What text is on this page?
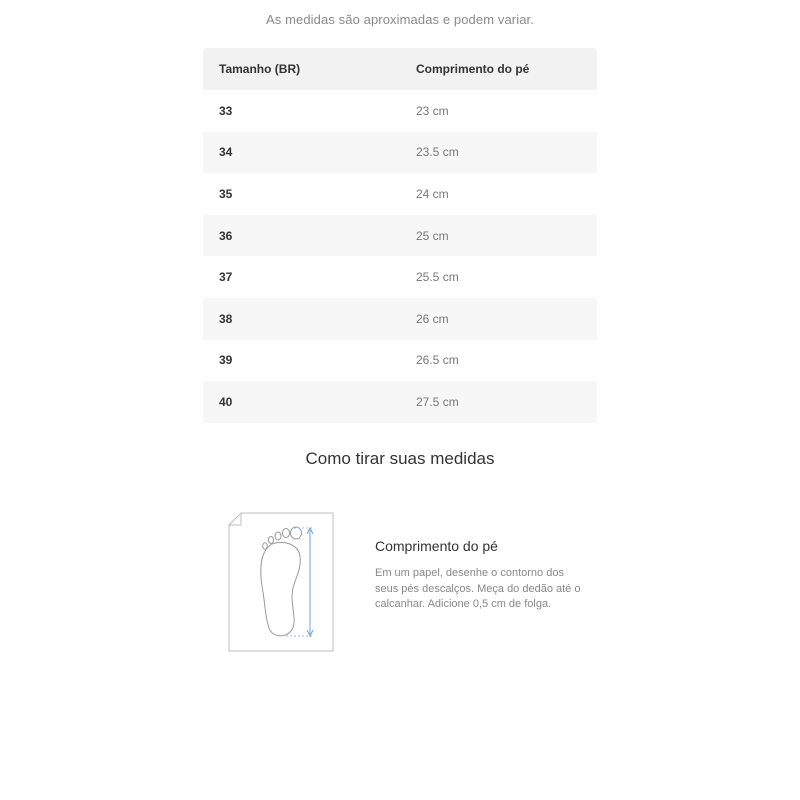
As medidas são aproximadas e podem variar.
Tamanho (BR)	Comprimento do pé
33	23 cm
34	23.5 cm
35	24 cm
36	25 cm
37	25.5 cm
38	26 cm
39	26.5 cm
40	27.5 cm
Como tirar suas medidas
Comprimento do pé
Em um papel, desenhe o contorno dos seus pés descalços. Meça do dedão até o calcanhar. Adicione 0,5 cm de folga.
